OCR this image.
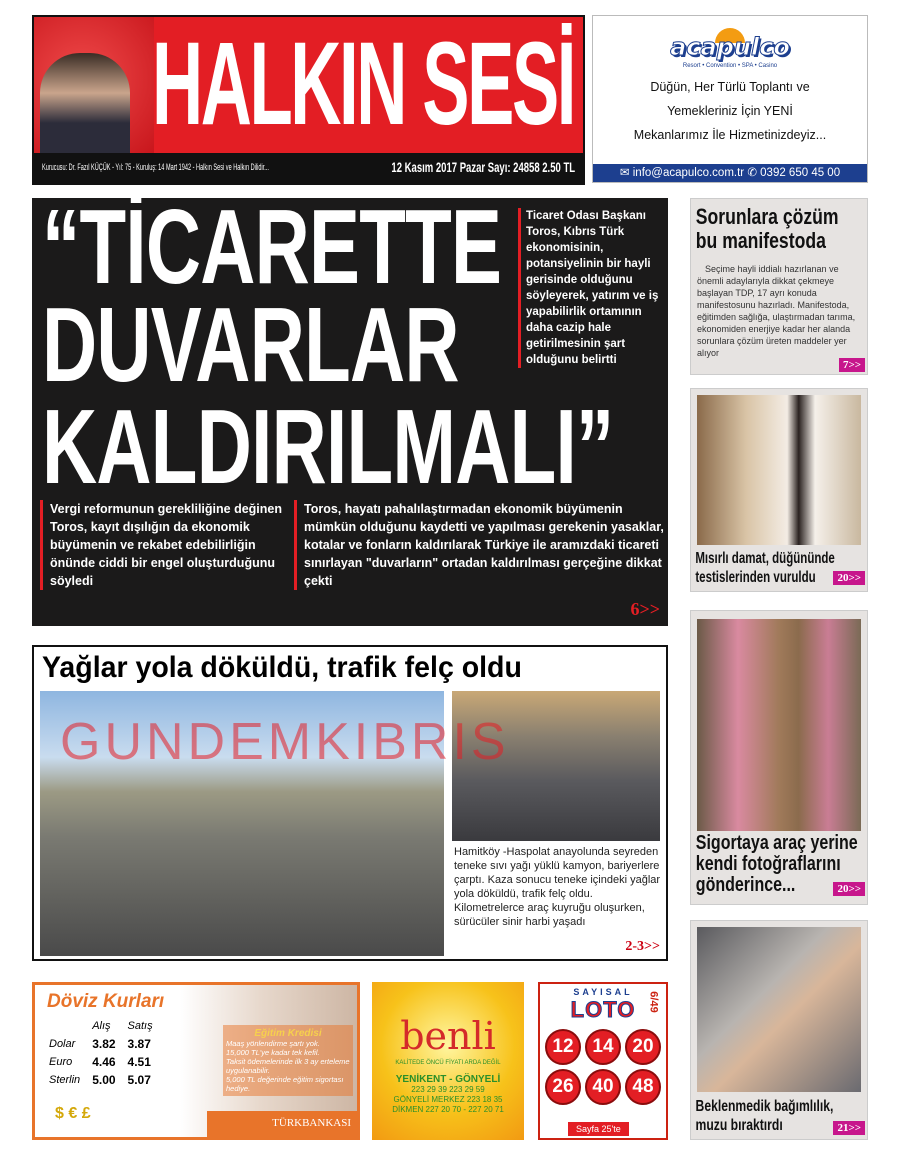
HALKIN SESİ
Kurucusu: Dr. Fazıl KÜÇÜK - Yıl: 75 - Kuruluş: 14 Mart 1942 - Halkın Sesi ve Halkın Dilidir...	12 Kasım 2017 Pazar Sayı: 24858 2.50 TL
acapulco
Resort • Convention • SPA • Casino
Düğün, Her Türlü Toplantı ve
Yemekleriniz İçin YENİ
Mekanlarımız İle Hizmetinizdeyiz...
✉ info@acapulco.com.tr ✆ 0392 650 45 00
“TİCARETTE
DUVARLAR
KALDIRILMALI”
Ticaret Odası Başkanı Toros, Kıbrıs Türk ekonomisinin, potansiyelinin bir hayli gerisinde olduğunu söyleyerek, yatırım ve iş yapabilirlik ortamının daha cazip hale getirilmesinin şart olduğunu belirtti
Vergi reformunun gerekliliğine değinen Toros, kayıt dışılığın da ekonomik büyümenin ve rekabet edebilirliğin önünde ciddi bir engel oluşturduğunu söyledi
Toros, hayatı pahalılaştırmadan ekonomik büyümenin mümkün olduğunu kaydetti ve yapılması gerekenin yasaklar, kotalar ve fonların kaldırılarak Türkiye ile aramızdaki ticareti sınırlayan "duvarların" ortadan kaldırılması gerçeğine dikkat çekti
6>>
Sorunlara çözüm
bu manifestoda
Seçime hayli iddialı hazırlanan ve önemli adaylarıyla dikkat çekmeye başlayan TDP, 17 ayrı konuda manifestosunu hazırladı. Manifestoda, eğitimden sağlığa, ulaştırmadan tarıma, ekonomiden enerjiye kadar her alanda sorunlara çözüm üreten maddeler yer alıyor
7>>
Mısırlı damat, düğününde
testislerinden vuruldu	20>>
Sigortaya araç yerine
kendi fotoğraflarını
gönderince...	20>>
Beklenmedik bağımlılık,
muzu bıraktırdı	21>>
Yağlar yola döküldü, trafik felç oldu
Hamitköy -Haspolat anayolunda seyreden teneke sıvı yağı yüklü kamyon, bariyerlere çarptı. Kaza sonucu teneke içindeki yağlar yola döküldü, trafik felç oldu. Kilometrelerce araç kuyruğu oluşurken, sürücüler sinir harbi yaşadı
2-3>>
GUNDEMKIBRIS
Döviz Kurları
	Alış	Satış
Dolar	3.82	3.87
Euro	4.46	4.51
Sterlin	5.00	5.07
$ € £
Eğitim Kredisi
Maaş yönlendirme şartı yok.
15,000 TL'ye kadar tek kefil.
Taksit ödemelerinde ilk 3 ay erteleme uygulanabilir.
5,000 TL değerinde eğitim sigortası hediye.
TÜRKBANKASI
benli
KALİTEDE ÖNCÜ FİYATI ARDA DEĞİL
YENİKENT - GÖNYELİ
223 29 39 223 29 59
GÖNYELİ MERKEZ 223 18 35
DİKMEN 227 20 70 - 227 20 71
SAYISAL
LOTO	6/49
12 14 20
26 40 48
Sayfa 25'te
